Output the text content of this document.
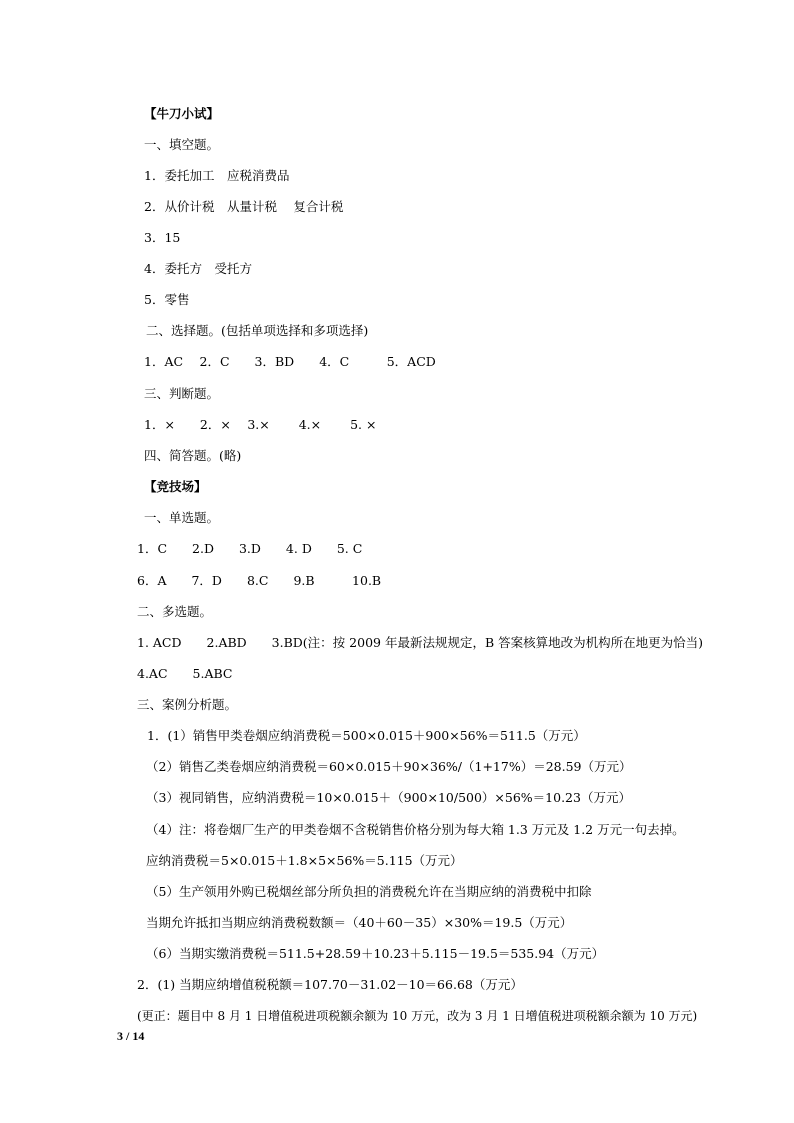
【牛刀小试】
一、填空题。
1．委托加工　应税消费品
2．从价计税　从量计税　 复合计税
3．15
4．委托方　受托方
5．零售
二、选择题。(包括单项选择和多项选择)
1．AC　 2．C　　3．BD　　4．C　　　5．ACD
三、判断题。
1．×　　2．×　 3.×　　 4.×　　 5. ×
四、简答题。(略)
【竞技场】
一、单选题。
1．C　　2.D　　3.D　　4. D　　5. C
6．A　　7．D　　8.C　　9.B　　　10.B
二、多选题。
1. ACD　　2.ABD　　3.BD(注：按 2009 年最新法规规定，B 答案核算地改为机构所在地更为恰当)
4.AC　　5.ABC
三、案例分析题。
1．(1）销售甲类卷烟应纳消费税＝500×0.015＋900×56%＝511.5（万元）
（2）销售乙类卷烟应纳消费税＝60×0.015＋90×36%/（1+17%）＝28.59（万元）
（3）视同销售，应纳消费税＝10×0.015＋（900×10/500）×56%＝10.23（万元）
（4）注：将卷烟厂生产的甲类卷烟不含税销售价格分别为每大箱 1.3 万元及 1.2 万元一句去掉。
应纳消费税＝5×0.015＋1.8×5×56%＝5.115（万元）
（5）生产领用外购已税烟丝部分所负担的消费税允许在当期应纳的消费税中扣除
当期允许抵扣当期应纳消费税数额＝（40＋60－35）×30%＝19.5（万元）
（6）当期实缴消费税＝511.5+28.59＋10.23＋5.115－19.5＝535.94（万元）
2．(1) 当期应纳增值税税额＝107.70－31.02－10＝66.68（万元）
(更正：题目中 8 月 1 日增值税进项税额余额为 10 万元，改为 3 月 1 日增值税进项税额余额为 10 万元)
3 / 14
